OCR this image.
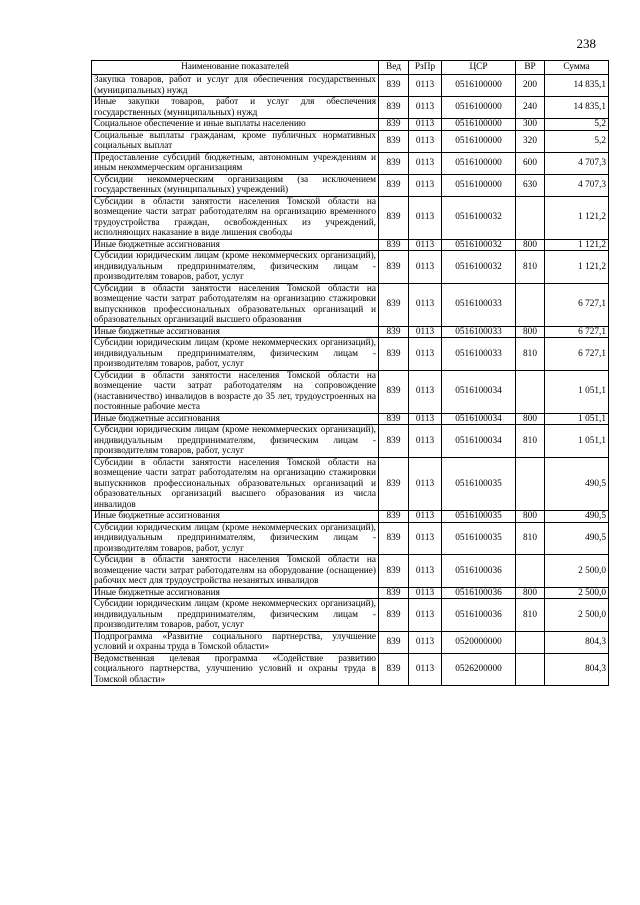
238
Наименование показателей	Вед	РзПр	ЦСР	ВР	Сумма
Закупка товаров, работ и услуг для обеспечения государственных (муниципальных) нужд	839	0113	0516100000	200	14 835,1
Иные закупки товаров, работ и услуг для обеспечения государственных (муниципальных) нужд	839	0113	0516100000	240	14 835,1
Социальное обеспечение и иные выплаты населению	839	0113	0516100000	300	5,2
Социальные выплаты гражданам, кроме публичных нормативных социальных выплат	839	0113	0516100000	320	5,2
Предоставление субсидий бюджетным, автономным учреждениям и иным некоммерческим организациям	839	0113	0516100000	600	4 707,3
Субсидии некоммерческим организациям (за исключением государственных (муниципальных) учреждений)	839	0113	0516100000	630	4 707,3
Субсидии в области занятости населения Томской области на возмещение части затрат работодателям на организацию временного трудоустройства граждан, освобожденных из учреждений, исполняющих наказание в виде лишения свободы	839	0113	0516100032		1 121,2
Иные бюджетные ассигнования	839	0113	0516100032	800	1 121,2
Субсидии юридическим лицам (кроме некоммерческих организаций), индивидуальным предпринимателям, физическим лицам - производителям товаров, работ, услуг	839	0113	0516100032	810	1 121,2
Субсидии в области занятости населения Томской области на возмещение части затрат работодателям на организацию стажировки выпускников профессиональных образовательных организаций и образовательных организаций высшего образования	839	0113	0516100033		6 727,1
Иные бюджетные ассигнования	839	0113	0516100033	800	6 727,1
Субсидии юридическим лицам (кроме некоммерческих организаций), индивидуальным предпринимателям, физическим лицам - производителям товаров, работ, услуг	839	0113	0516100033	810	6 727,1
Субсидии в области занятости населения Томской области на возмещение части затрат работодателям на сопровождение (наставничество) инвалидов в возрасте до 35 лет, трудоустроенных на постоянные рабочие места	839	0113	0516100034		1 051,1
Иные бюджетные ассигнования	839	0113	0516100034	800	1 051,1
Субсидии юридическим лицам (кроме некоммерческих организаций), индивидуальным предпринимателям, физическим лицам - производителям товаров, работ, услуг	839	0113	0516100034	810	1 051,1
Субсидии в области занятости населения Томской области на возмещение части затрат работодателям на организацию стажировки выпускников профессиональных образовательных организаций и образовательных организаций высшего образования из числа инвалидов	839	0113	0516100035		490,5
Иные бюджетные ассигнования	839	0113	0516100035	800	490,5
Субсидии юридическим лицам (кроме некоммерческих организаций), индивидуальным предпринимателям, физическим лицам - производителям товаров, работ, услуг	839	0113	0516100035	810	490,5
Субсидии в области занятости населения Томской области на возмещение части затрат работодателям на оборудование (оснащение) рабочих мест для трудоустройства незанятых инвалидов	839	0113	0516100036		2 500,0
Иные бюджетные ассигнования	839	0113	0516100036	800	2 500,0
Субсидии юридическим лицам (кроме некоммерческих организаций), индивидуальным предпринимателям, физическим лицам - производителям товаров, работ, услуг	839	0113	0516100036	810	2 500,0
Подпрограмма «Развитие социального партнерства, улучшение условий и охраны труда в Томской области»	839	0113	0520000000		804,3
Ведомственная целевая программа «Содействие развитию социального партнерства, улучшению условий и охраны труда в Томской области»	839	0113	0526200000		804,3
